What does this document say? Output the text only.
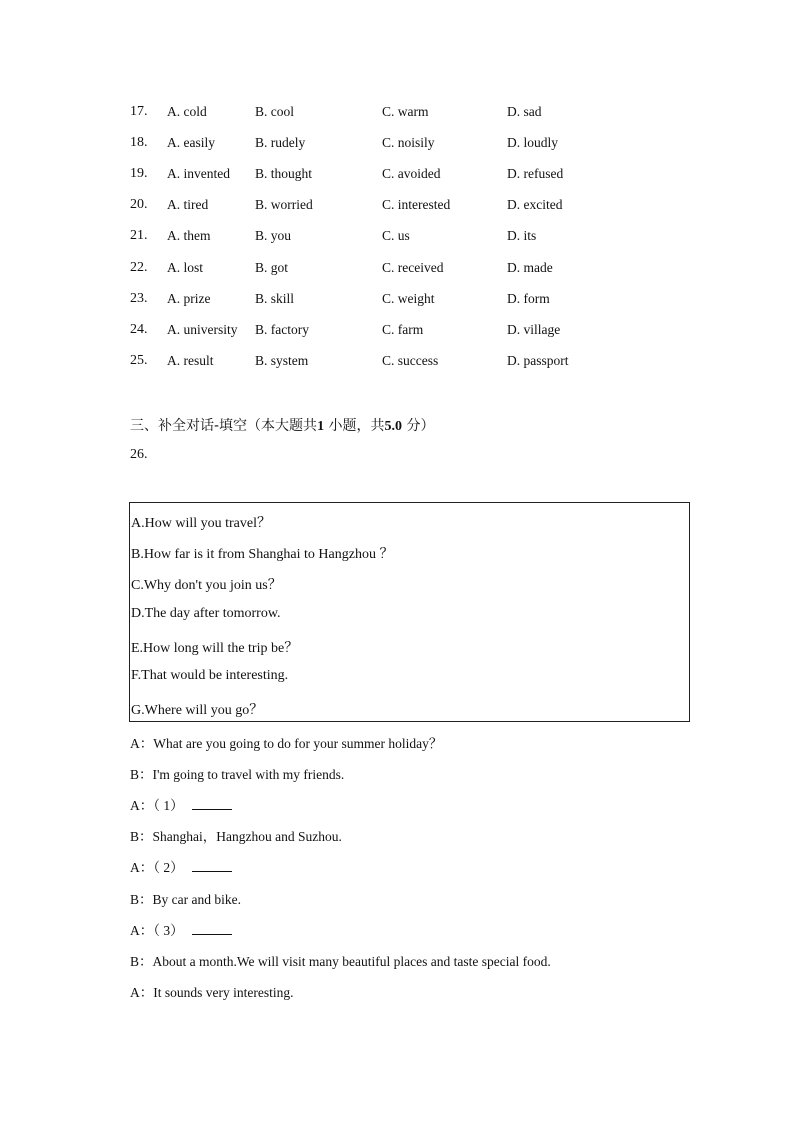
17. A. cold	B. cool	C. warm	D. sad
18. A. easily	B. rudely	C. noisily	D. loudly
19. A. invented B. thought	C. avoided	D. refused
20. A. tired	B. worried	C. interested	D. excited
21. A. them	B. you	C. us	D. its
22. A. lost	B. got	C. received	D. made
23. A. prize	B. skill	C. weight	D. form
24. A. university B. factory	C. farm	D. village
25. A. result	B. system	C. success	D. passport
三、补全对话-填空（本大题共1 小题，共5.0 分）
26.
A.How will you travel？
B.How far is it from Shanghai to Hangzhou ？
C.Why don't you join us？
D.The day after tomorrow.
E.How long will the trip be？
F.That would be interesting.
G.Where will you go？
A：What are you going to do for your summer holiday？
B：I'm going to travel with my friends.
A：（ 1）
B：Shanghai，Hangzhou and Suzhou.
A：（ 2）
B：By car and bike.
A：（ 3）
B：About a month.We will visit many beautiful places and taste special food.
A：It sounds very interesting.
